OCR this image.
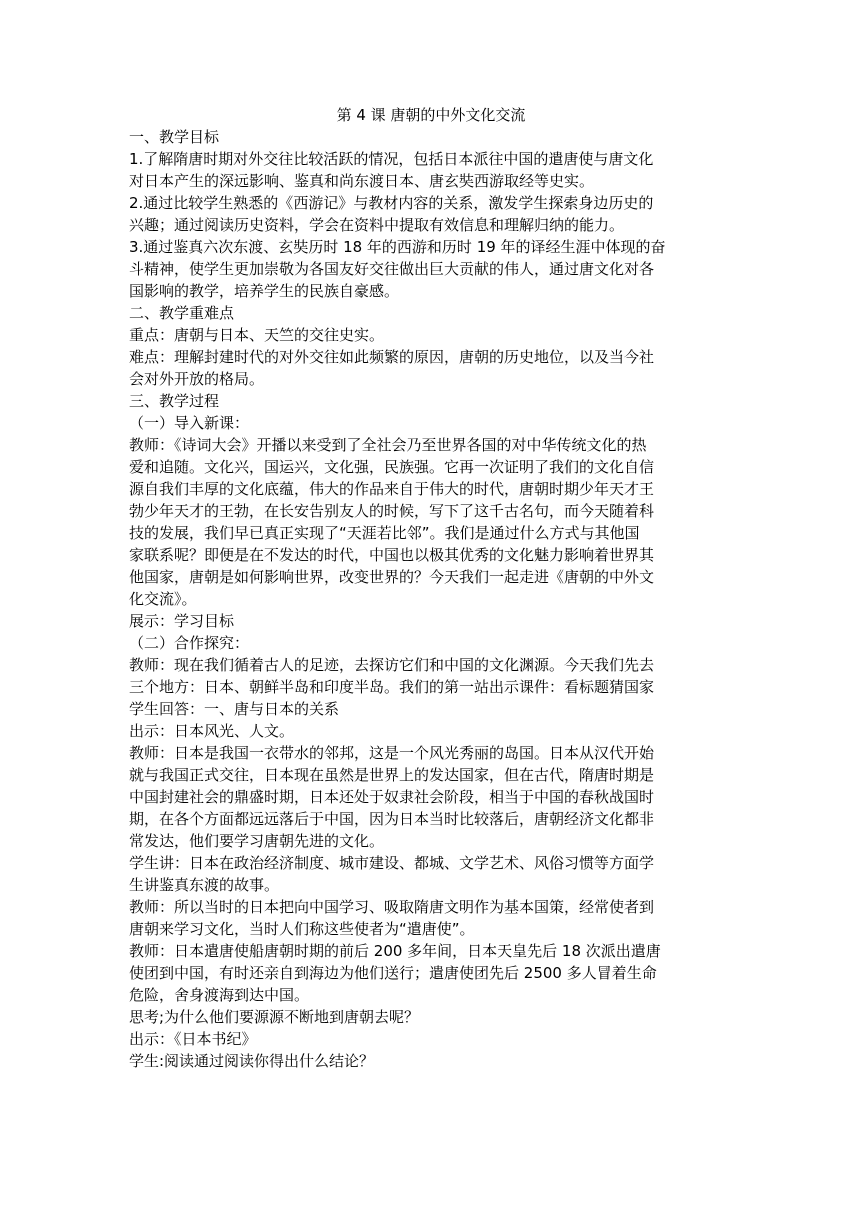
第 4 课 唐朝的中外文化交流

一、教学目标

1.了解隋唐时期对外交往比较活跃的情况，包括日本派往中国的遣唐使与唐文化

对日本产生的深远影响、鉴真和尚东渡日本、唐玄奘西游取经等史实。

2.通过比较学生熟悉的《西游记》与教材内容的关系，激发学生探索身边历史的

兴趣；通过阅读历史资料，学会在资料中提取有效信息和理解归纳的能力。

3.通过鉴真六次东渡、玄奘历时 18 年的西游和历时 19 年的译经生涯中体现的奋

斗精神，使学生更加崇敬为各国友好交往做出巨大贡献的伟人，通过唐文化对各

国影响的教学，培养学生的民族自豪感。

二、教学重难点

重点：唐朝与日本、天竺的交往史实。

难点：理解封建时代的对外交往如此频繁的原因，唐朝的历史地位，以及当今社

会对外开放的格局。

三、教学过程

（一）导入新课：

教师：《诗词大会》开播以来受到了全社会乃至世界各国的对中华传统文化的热

爱和追随。文化兴，国运兴，文化强，民族强。它再一次证明了我们的文化自信

源自我们丰厚的文化底蕴，伟大的作品来自于伟大的时代，唐朝时期少年天才王

勃少年天才的王勃，在长安告别友人的时候，写下了这千古名句，而今天随着科

技的发展，我们早已真正实现了“天涯若比邻”。我们是通过什么方式与其他国

家联系呢？即便是在不发达的时代，中国也以极其优秀的文化魅力影响着世界其

他国家，唐朝是如何影响世界，改变世界的？今天我们一起走进《唐朝的中外文

化交流》。

展示：学习目标

（二）合作探究：

教师：现在我们循着古人的足迹，去探访它们和中国的文化渊源。今天我们先去

三个地方：日本、朝鲜半岛和印度半岛。我们的第一站出示课件：看标题猜国家

学生回答：一、唐与日本的关系

出示：日本风光、人文。

教师：日本是我国一衣带水的邻邦，这是一个风光秀丽的岛国。日本从汉代开始

就与我国正式交往，日本现在虽然是世界上的发达国家，但在古代，隋唐时期是

中国封建社会的鼎盛时期，日本还处于奴隶社会阶段，相当于中国的春秋战国时

期，在各个方面都远远落后于中国，因为日本当时比较落后，唐朝经济文化都非

常发达，他们要学习唐朝先进的文化。

学生讲：日本在政治经济制度、城市建设、都城、文学艺术、风俗习惯等方面学

生讲鉴真东渡的故事。

教师：所以当时的日本把向中国学习、吸取隋唐文明作为基本国策，经常使者到

唐朝来学习文化，当时人们称这些使者为“遣唐使”。

教师：日本遣唐使船唐朝时期的前后 200 多年间，日本天皇先后 18 次派出遣唐

使团到中国，有时还亲自到海边为他们送行；遣唐使团先后 2500 多人冒着生命

危险，舍身渡海到达中国。

思考;为什么他们要源源不断地到唐朝去呢？

出示：《日本书纪》

学生:阅读通过阅读你得出什么结论？
